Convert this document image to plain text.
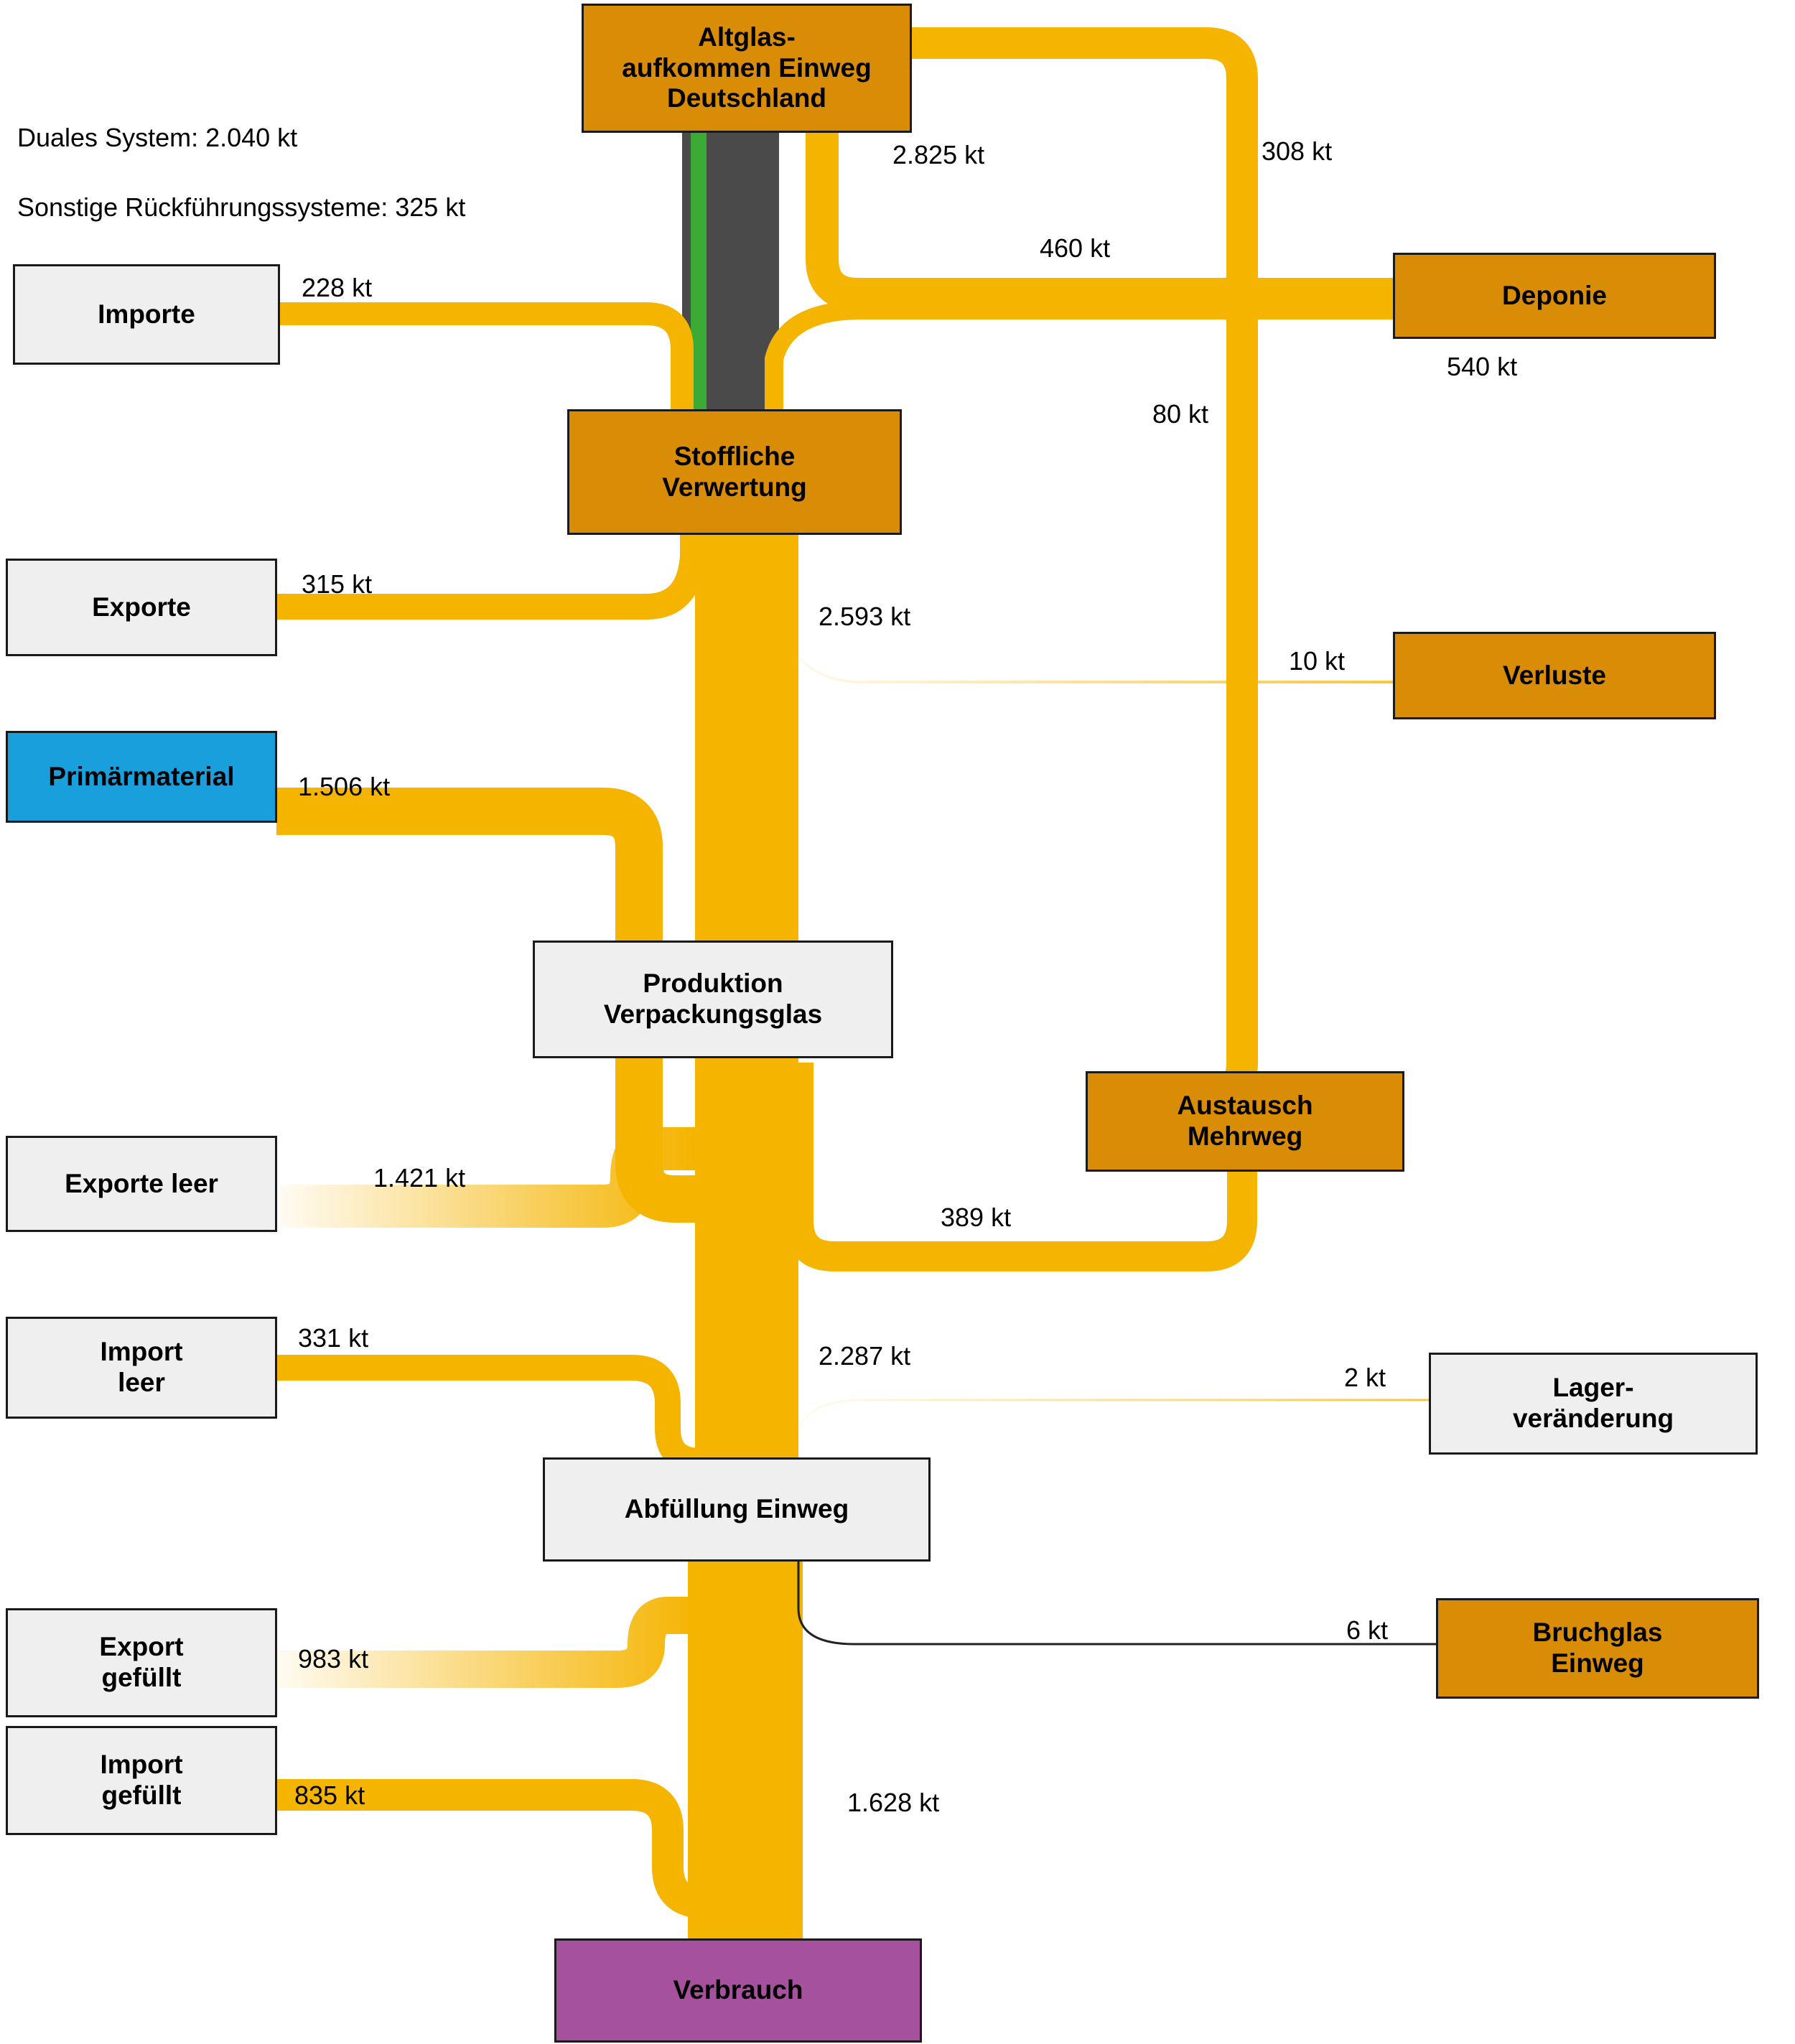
Altglas-
aufkommen Einweg
Deutschland
Importe
Deponie
Stoffliche
Verwertung
Exporte
Verluste
Primärmaterial
Produktion
Verpackungsglas
Austausch
Mehrweg
Exporte leer
Import
leer	Lager-
veränderung
Abfüllung Einweg
Export
gefüllt
Bruchglas
Einweg
Import
gefüllt
Verbrauch

Duales System: 2.040 kt

Sonstige Rückführungssysteme: 325 kt

2.825 kt	308 kt
460 kt
228 kt
540 kt
80 kt
315 kt
2.593 kt
10 kt
1.506 kt
1.421 kt
389 kt
331 kt
2.287 kt
2 kt
6 kt
983 kt
835 kt	1.628 kt
